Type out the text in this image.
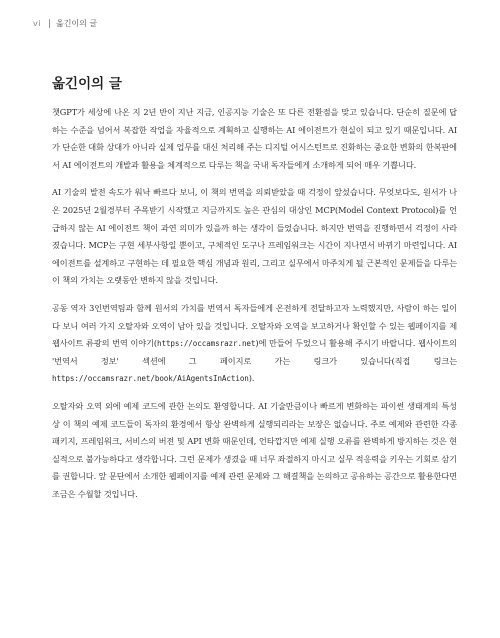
vi 옮긴이의 글
옮긴이의 글

챗GPT가 세상에 나온 지 2년 반이 지난 지금, 인공지능 기술은 또 다른 전환점을 맞고 있습니다. 단순히 질문에 답하는 수준을 넘어서 복잡한 작업을 자율적으로 계획하고 실행하는 AI 에이전트가 현실이 되고 있기 때문입니다. AI가 단순한 대화 상대가 아니라 실제 업무를 대신 처리해 주는 디지털 어시스턴트로 진화하는 중요한 변화의 한복판에서 AI 에이전트의 개발과 활용을 체계적으로 다루는 책을 국내 독자들에게 소개하게 되어 매우 기쁩니다.

AI 기술의 발전 속도가 워낙 빠르다 보니, 이 책의 번역을 의뢰받았을 때 걱정이 앞섰습니다. 무엇보다도, 원서가 나온 2025년 2월경부터 주목받기 시작했고 지금까지도 높은 관심의 대상인 MCP(Model Context Protocol)를 언급하지 않는 AI 에이전트 책이 과연 의미가 있을까 하는 생각이 들었습니다. 하지만 번역을 진행하면서 걱정이 사라졌습니다. MCP는 구현 세부사항일 뿐이고, 구체적인 도구나 프레임워크는 시간이 지나면서 바뀌기 마련입니다. AI 에이전트를 설계하고 구현하는 데 필요한 핵심 개념과 원리, 그리고 실무에서 마주치게 될 근본적인 문제들을 다루는 이 책의 가치는 오랫동안 변하지 않을 것입니다.

공동 역자 3인번역팀과 함께 원서의 가치를 번역서 독자들에게 온전하게 전달하고자 노력했지만, 사람이 하는 일이다 보니 여러 가지 오탈자와 오역이 남아 있을 것입니다. 오탈자와 오역을 보고하거나 확인할 수 있는 웹페이지를 제 웹사이트 류광의 번역 이야기(https://occamsrazr.net)에 만들어 두었으니 활용해 주시기 바랍니다. 웹사이트의 '번역서 정보' 섹션에 그 페이지로 가는 링크가 있습니다(직접 링크는 https://occamsrazr.net/book/AiAgentsInAction).

오탈자와 오역 외에 예제 코드에 관한 논의도 환영합니다. AI 기술만큼이나 빠르게 변화하는 파이썬 생태계의 특성상 이 책의 예제 코드들이 독자의 환경에서 항상 완벽하게 실행되리라는 보장은 없습니다. 주로 예제와 관련한 각종 패키지, 프레임워크, 서비스의 버전 및 API 변화 때문인데, 언타깝지만 예제 실행 오류를 완벽하게 방지하는 것은 현실적으로 불가능하다고 생각합니다. 그런 문제가 생겼을 때 너무 좌절하지 마시고 실무 적응력을 키우는 기회로 삼기를 권합니다. 앞 문단에서 소개한 웹페이지를 예제 관련 문제와 그 해결책을 논의하고 공유하는 공간으로 활용한다면 조금은 수월할 것입니다.
